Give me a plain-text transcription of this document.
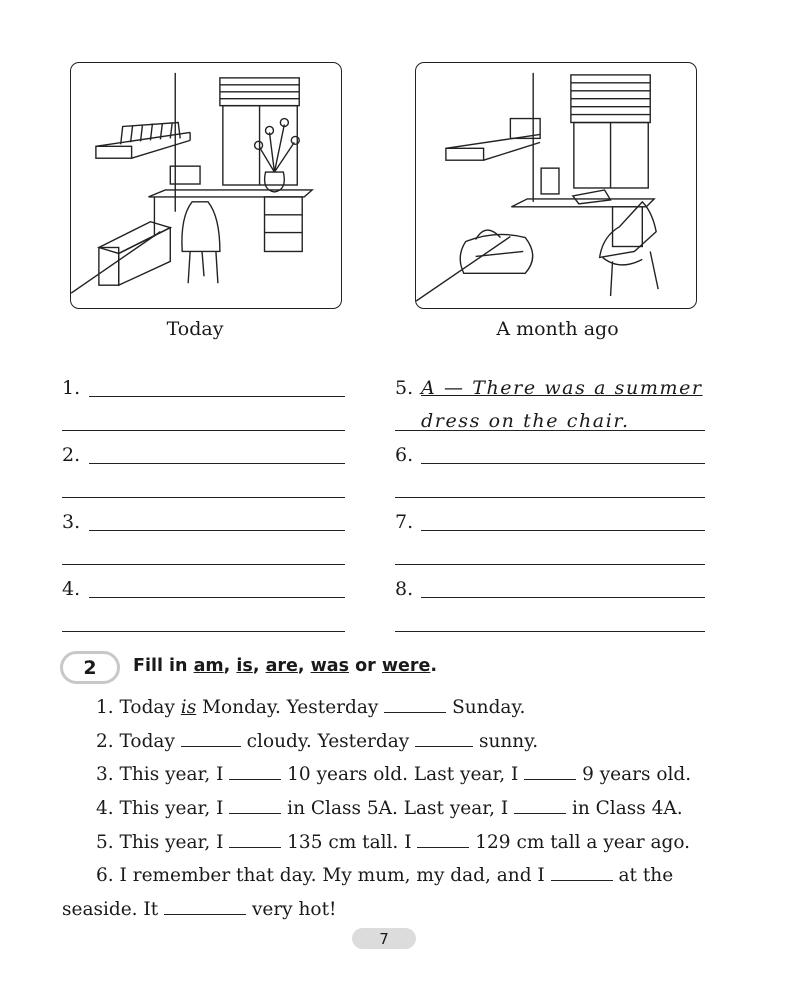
Today	A month ago
1.
2.
3.
4.
5. A — There was a summer
dress on the chair.
6.
7.
8.
2 Fill in am, is, are, was or were.
1. Today is Monday. Yesterday	Sunday.
2. Today	cloudy. Yesterday	sunny.
3. This year, I	10 years old. Last year, I	9 years old.
4. This year, I	in Class 5A. Last year, I	in Class 4A.
5. This year, I	135 cm tall. I	129 cm tall a year ago.
6. I remember that day. My mum, my dad, and I	at the
seaside. It	very hot!
7
